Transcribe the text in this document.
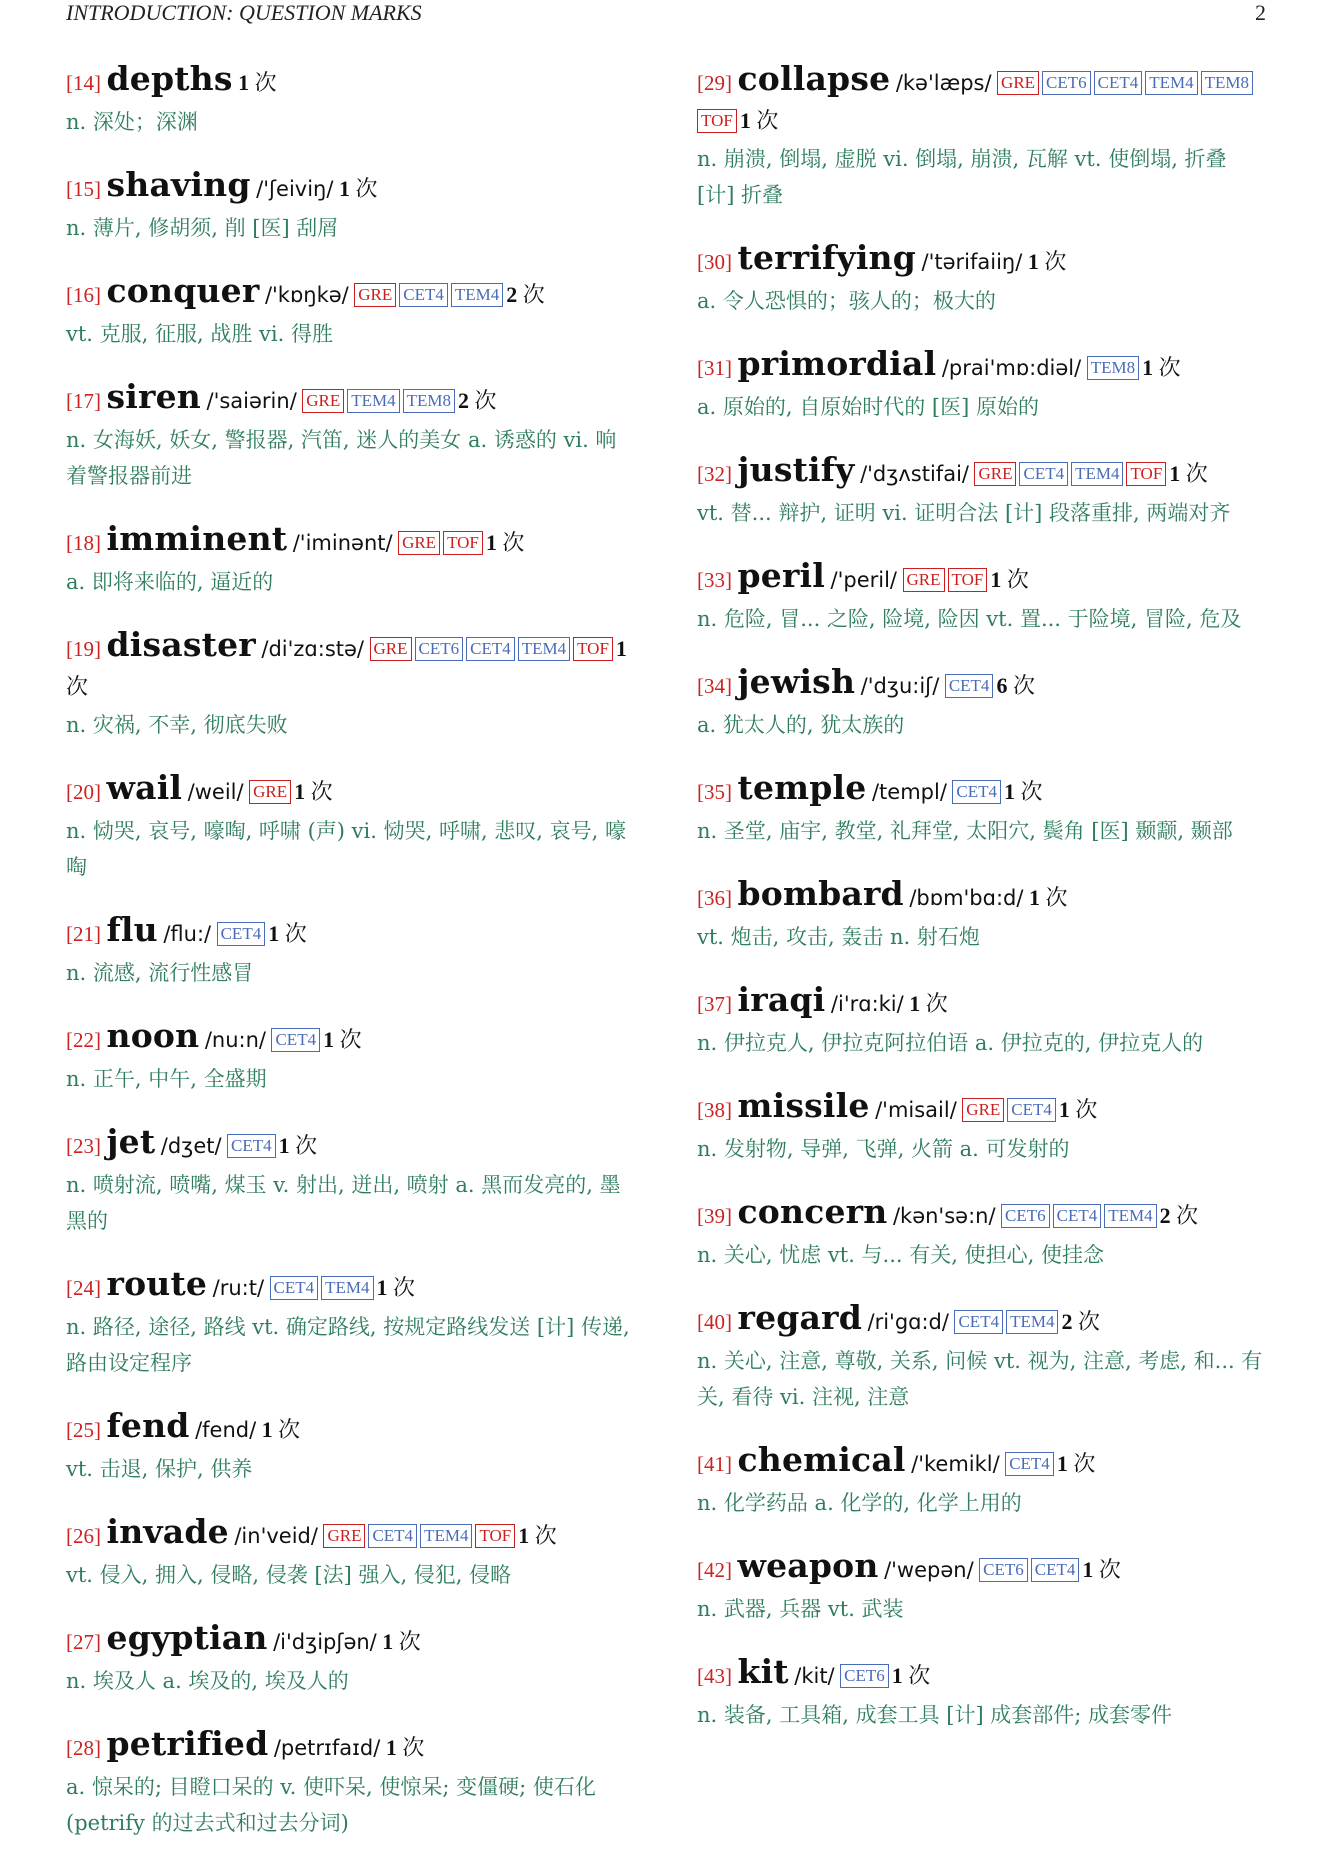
INTRODUCTION: QUESTION MARKS	2
[14] depths 1 次
n. 深处；深渊
[15] shaving /'ʃeiviŋ/ 1 次
n. 薄片, 修胡须, 削 [医] 刮屑
[16] conquer /'kɒŋkə/ GRE CET4 TEM4 2 次
vt. 克服, 征服, 战胜 vi. 得胜
[17] siren /'saiərin/ GRE TEM4 TEM8 2 次
n. 女海妖, 妖女, 警报器, 汽笛, 迷人的美女 a. 诱惑的 vi. 响着警报器前进
[18] imminent /'iminənt/ GRE TOF 1 次
a. 即将来临的, 逼近的
[19] disaster /di'zɑ:stə/ GRE CET6 CET4 TEM4 TOF 1 次
n. 灾祸, 不幸, 彻底失败
[20] wail /weil/ GRE 1 次
n. 恸哭, 哀号, 嚎啕, 呼啸 (声) vi. 恸哭, 呼啸, 悲叹, 哀号, 嚎啕
[21] flu /flu:/ CET4 1 次
n. 流感, 流行性感冒
[22] noon /nu:n/ CET4 1 次
n. 正午, 中午, 全盛期
[23] jet /dʒet/ CET4 1 次
n. 喷射流, 喷嘴, 煤玉 v. 射出, 迸出, 喷射 a. 黑而发亮的, 墨黑的
[24] route /ru:t/ CET4 TEM4 1 次
n. 路径, 途径, 路线 vt. 确定路线, 按规定路线发送 [计] 传递, 路由设定程序
[25] fend /fend/ 1 次
vt. 击退, 保护, 供养
[26] invade /in'veid/ GRE CET4 TEM4 TOF 1 次
vt. 侵入, 拥入, 侵略, 侵袭 [法] 强入, 侵犯, 侵略
[27] egyptian /i'dʒipʃən/ 1 次
n. 埃及人 a. 埃及的, 埃及人的
[28] petrified /petrɪfaɪd/ 1 次
a. 惊呆的; 目瞪口呆的 v. 使吓呆, 使惊呆; 变僵硬; 使石化 (petrify 的过去式和过去分词)
[29] collapse /kə'læps/ GRE CET6 CET4 TEM4 TEM8TOF 1 次
n. 崩溃, 倒塌, 虚脱 vi. 倒塌, 崩溃, 瓦解 vt. 使倒塌, 折叠 [计] 折叠
[30] terrifying /'tərifaiiŋ/ 1 次
a. 令人恐惧的；骇人的；极大的
[31] primordial /prai'mɒ:diəl/ TEM8 1 次
a. 原始的, 自原始时代的 [医] 原始的
[32] justify /'dʒʌstifai/ GRE CET4 TEM4 TOF 1 次
vt. 替... 辩护, 证明 vi. 证明合法 [计] 段落重排, 两端对齐
[33] peril /'peril/ GRE TOF 1 次
n. 危险, 冒... 之险, 险境, 险因 vt. 置... 于险境, 冒险, 危及
[34] jewish /'dʒu:iʃ/ CET4 6 次
a. 犹太人的, 犹太族的
[35] temple /templ/ CET4 1 次
n. 圣堂, 庙宇, 教堂, 礼拜堂, 太阳穴, 鬓角 [医] 颞颥, 颞部
[36] bombard /bɒm'bɑ:d/ 1 次
vt. 炮击, 攻击, 轰击 n. 射石炮
[37] iraqi /i'rɑ:ki/ 1 次
n. 伊拉克人, 伊拉克阿拉伯语 a. 伊拉克的, 伊拉克人的
[38] missile /'misail/ GRE CET4 1 次
n. 发射物, 导弹, 飞弹, 火箭 a. 可发射的
[39] concern /kən'sə:n/ CET6 CET4 TEM4 2 次
n. 关心, 忧虑 vt. 与... 有关, 使担心, 使挂念
[40] regard /ri'gɑ:d/ CET4 TEM4 2 次
n. 关心, 注意, 尊敬, 关系, 问候 vt. 视为, 注意, 考虑, 和... 有关, 看待 vi. 注视, 注意
[41] chemical /'kemikl/ CET4 1 次
n. 化学药品 a. 化学的, 化学上用的
[42] weapon /'wepən/ CET6 CET4 1 次
n. 武器, 兵器 vt. 武装
[43] kit /kit/ CET6 1 次
n. 装备, 工具箱, 成套工具 [计] 成套部件; 成套零件
